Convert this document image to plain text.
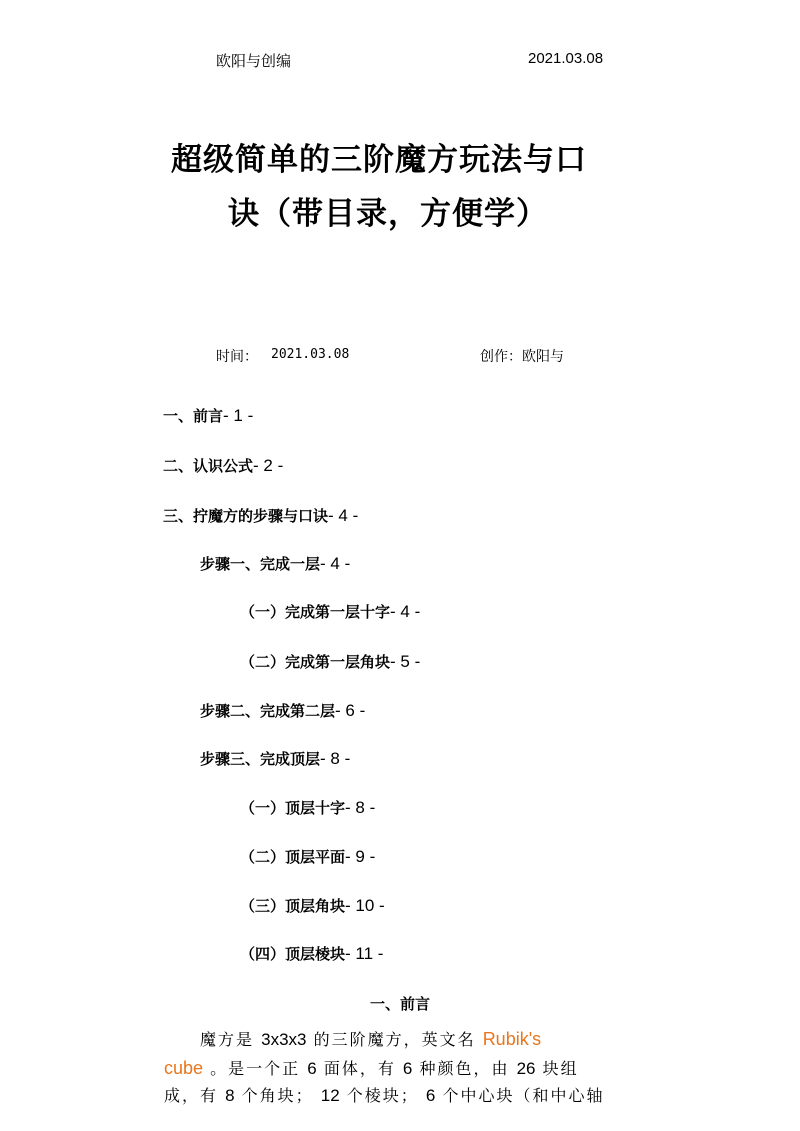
欧阳与创编	2021.03.08
超级简单的三阶魔方玩法与口
诀（带目录，方便学）
时间： 2021.03.08	创作：欧阳与
一、前言 - 1 -
二、认识公式 - 2 -
三、拧魔方的步骤与口诀 - 4 -
步骤一、完成一层 - 4 -
（一）完成第一层十字 - 4 -
（二）完成第一层角块 - 5 -
步骤二、完成第二层 - 6 -
步骤三、完成顶层 - 8 -
（一）顶层十字 - 8 -
（二）顶层平面 - 9 -
（三）顶层角块 - 10 -
（四）顶层棱块 - 11 -
一、前言
魔方是 3x3x3 的三阶魔方，英文名 Rubik's
cube 。是一个正 6 面体，有 6 种颜色，由 26 块组
成，有 8 个角块； 12 个棱块； 6 个中心块（和中心轴
